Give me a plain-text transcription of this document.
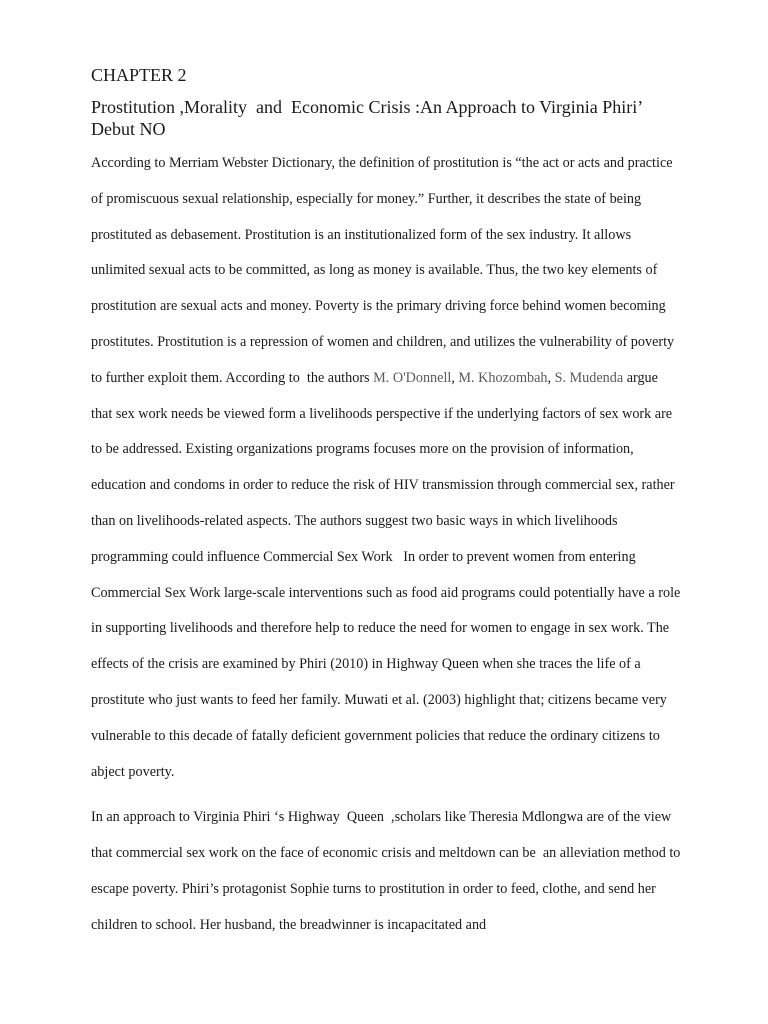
CHAPTER 2
Prostitution ,Morality  and  Economic Crisis :An Approach to Virginia Phiri’ Debut NO

According to Merriam Webster Dictionary, the definition of prostitution is “the act or acts and practice of promiscuous sexual relationship, especially for money.” Further, it describes the state of being prostituted as debasement. Prostitution is an institutionalized form of the sex industry. It allows unlimited sexual acts to be committed, as long as money is available. Thus, the two key elements of prostitution are sexual acts and money. Poverty is the primary driving force behind women becoming prostitutes. Prostitution is a repression of women and children, and utilizes the vulnerability of poverty to further exploit them. According to  the authors M. O'Donnell, M. Khozombah, S. Mudenda argue that sex work needs be viewed form a livelihoods perspective if the underlying factors of sex work are to be addressed. Existing organizations programs focuses more on the provision of information, education and condoms in order to reduce the risk of HIV transmission through commercial sex, rather than on livelihoods-related aspects. The authors suggest two basic ways in which livelihoods programming could influence Commercial Sex Work   In order to prevent women from entering Commercial Sex Work large-scale interventions such as food aid programs could potentially have a role in supporting livelihoods and therefore help to reduce the need for women to engage in sex work. The effects of the crisis are examined by Phiri (2010) in Highway Queen when she traces the life of a prostitute who just wants to feed her family. Muwati et al. (2003) highlight that; citizens became very vulnerable to this decade of fatally deficient government policies that reduce the ordinary citizens to abject poverty.

In an approach to Virginia Phiri ‘s Highway  Queen  ,scholars like Theresia Mdlongwa are of the view that commercial sex work on the face of economic crisis and meltdown can be  an alleviation method to escape poverty. Phiri’s protagonist Sophie turns to prostitution in order to feed, clothe, and send her children to school. Her husband, the breadwinner is incapacitated and
